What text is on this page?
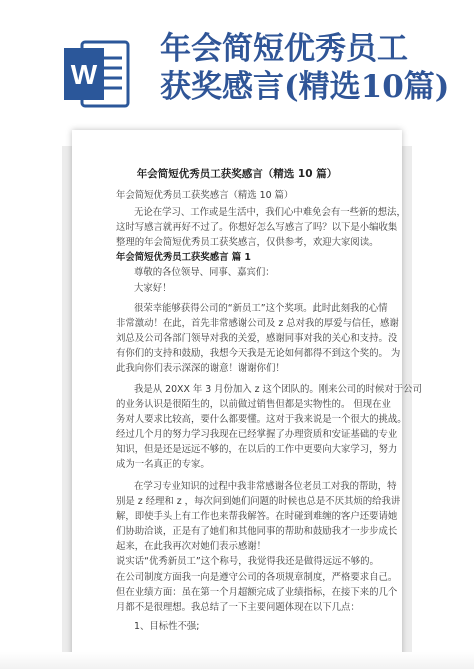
W
年会简短优秀员工
获奖感言(精选10篇)
年会简短优秀员工获奖感言（精选 10 篇）
年会简短优秀员工获奖感言（精选 10 篇）
无论在学习、工作或是生活中，我们心中难免会有一些新的想法，
这时写感言就再好不过了。你想好怎么写感言了吗？以下是小编收集
整理的年会简短优秀员工获奖感言，仅供参考，欢迎大家阅读。
年会简短优秀员工获奖感言 篇 1
尊敬的各位领导、同事、嘉宾们：
大家好！
很荣幸能够获得公司的“新员工”这个奖项。此时此刻我的心情
非常激动！在此，首先非常感谢公司及 z 总对我的厚爱与信任，感谢
刘总及公司各部门领导对我的关爱，感谢同事对我的关心和支持。没
有你们的支持和鼓励，我想今天我是无论如何都得不到这个奖的。 为
此我向你们表示深深的谢意！谢谢你们！
我是从 20XX 年 3 月份加入 z 这个团队的。刚来公司的时候对于公司
的业务认识是很陌生的，以前做过销售但都是实物性的。 但现在业
务对人要求比较高，要什么都要懂。这对于我来说是一个很大的挑战。
经过几个月的努力学习我现在已经掌握了办理资质和安证基础的专业
知识，但是还是远远不够的，在以后的工作中更要向大家学习，努力
成为一名真正的专家。
在学习专业知识的过程中我非常感谢各位老员工对我的帮助，特
别是 z 经理和 z ，每次问到她们问题的时候也总是不厌其烦的给我讲
解，即使手头上有工作也来帮我解答。在时碰到难缠的客户还要请她
们协助洽谈，正是有了她们和其他同事的帮助和鼓励我才一步步成长
起来，在此我再次对她们表示感谢！
说实话“优秀新员工”这个称号，我觉得我还是做得远远不够的。
在公司制度方面我一向是遵守公司的各项规章制度，严格要求自己。
但在业绩方面：虽在第一个月超额完成了业绩指标，在接下来的几个
月都不是很理想。我总结了一下主要问题体现在以下几点：
1、目标性不强;
